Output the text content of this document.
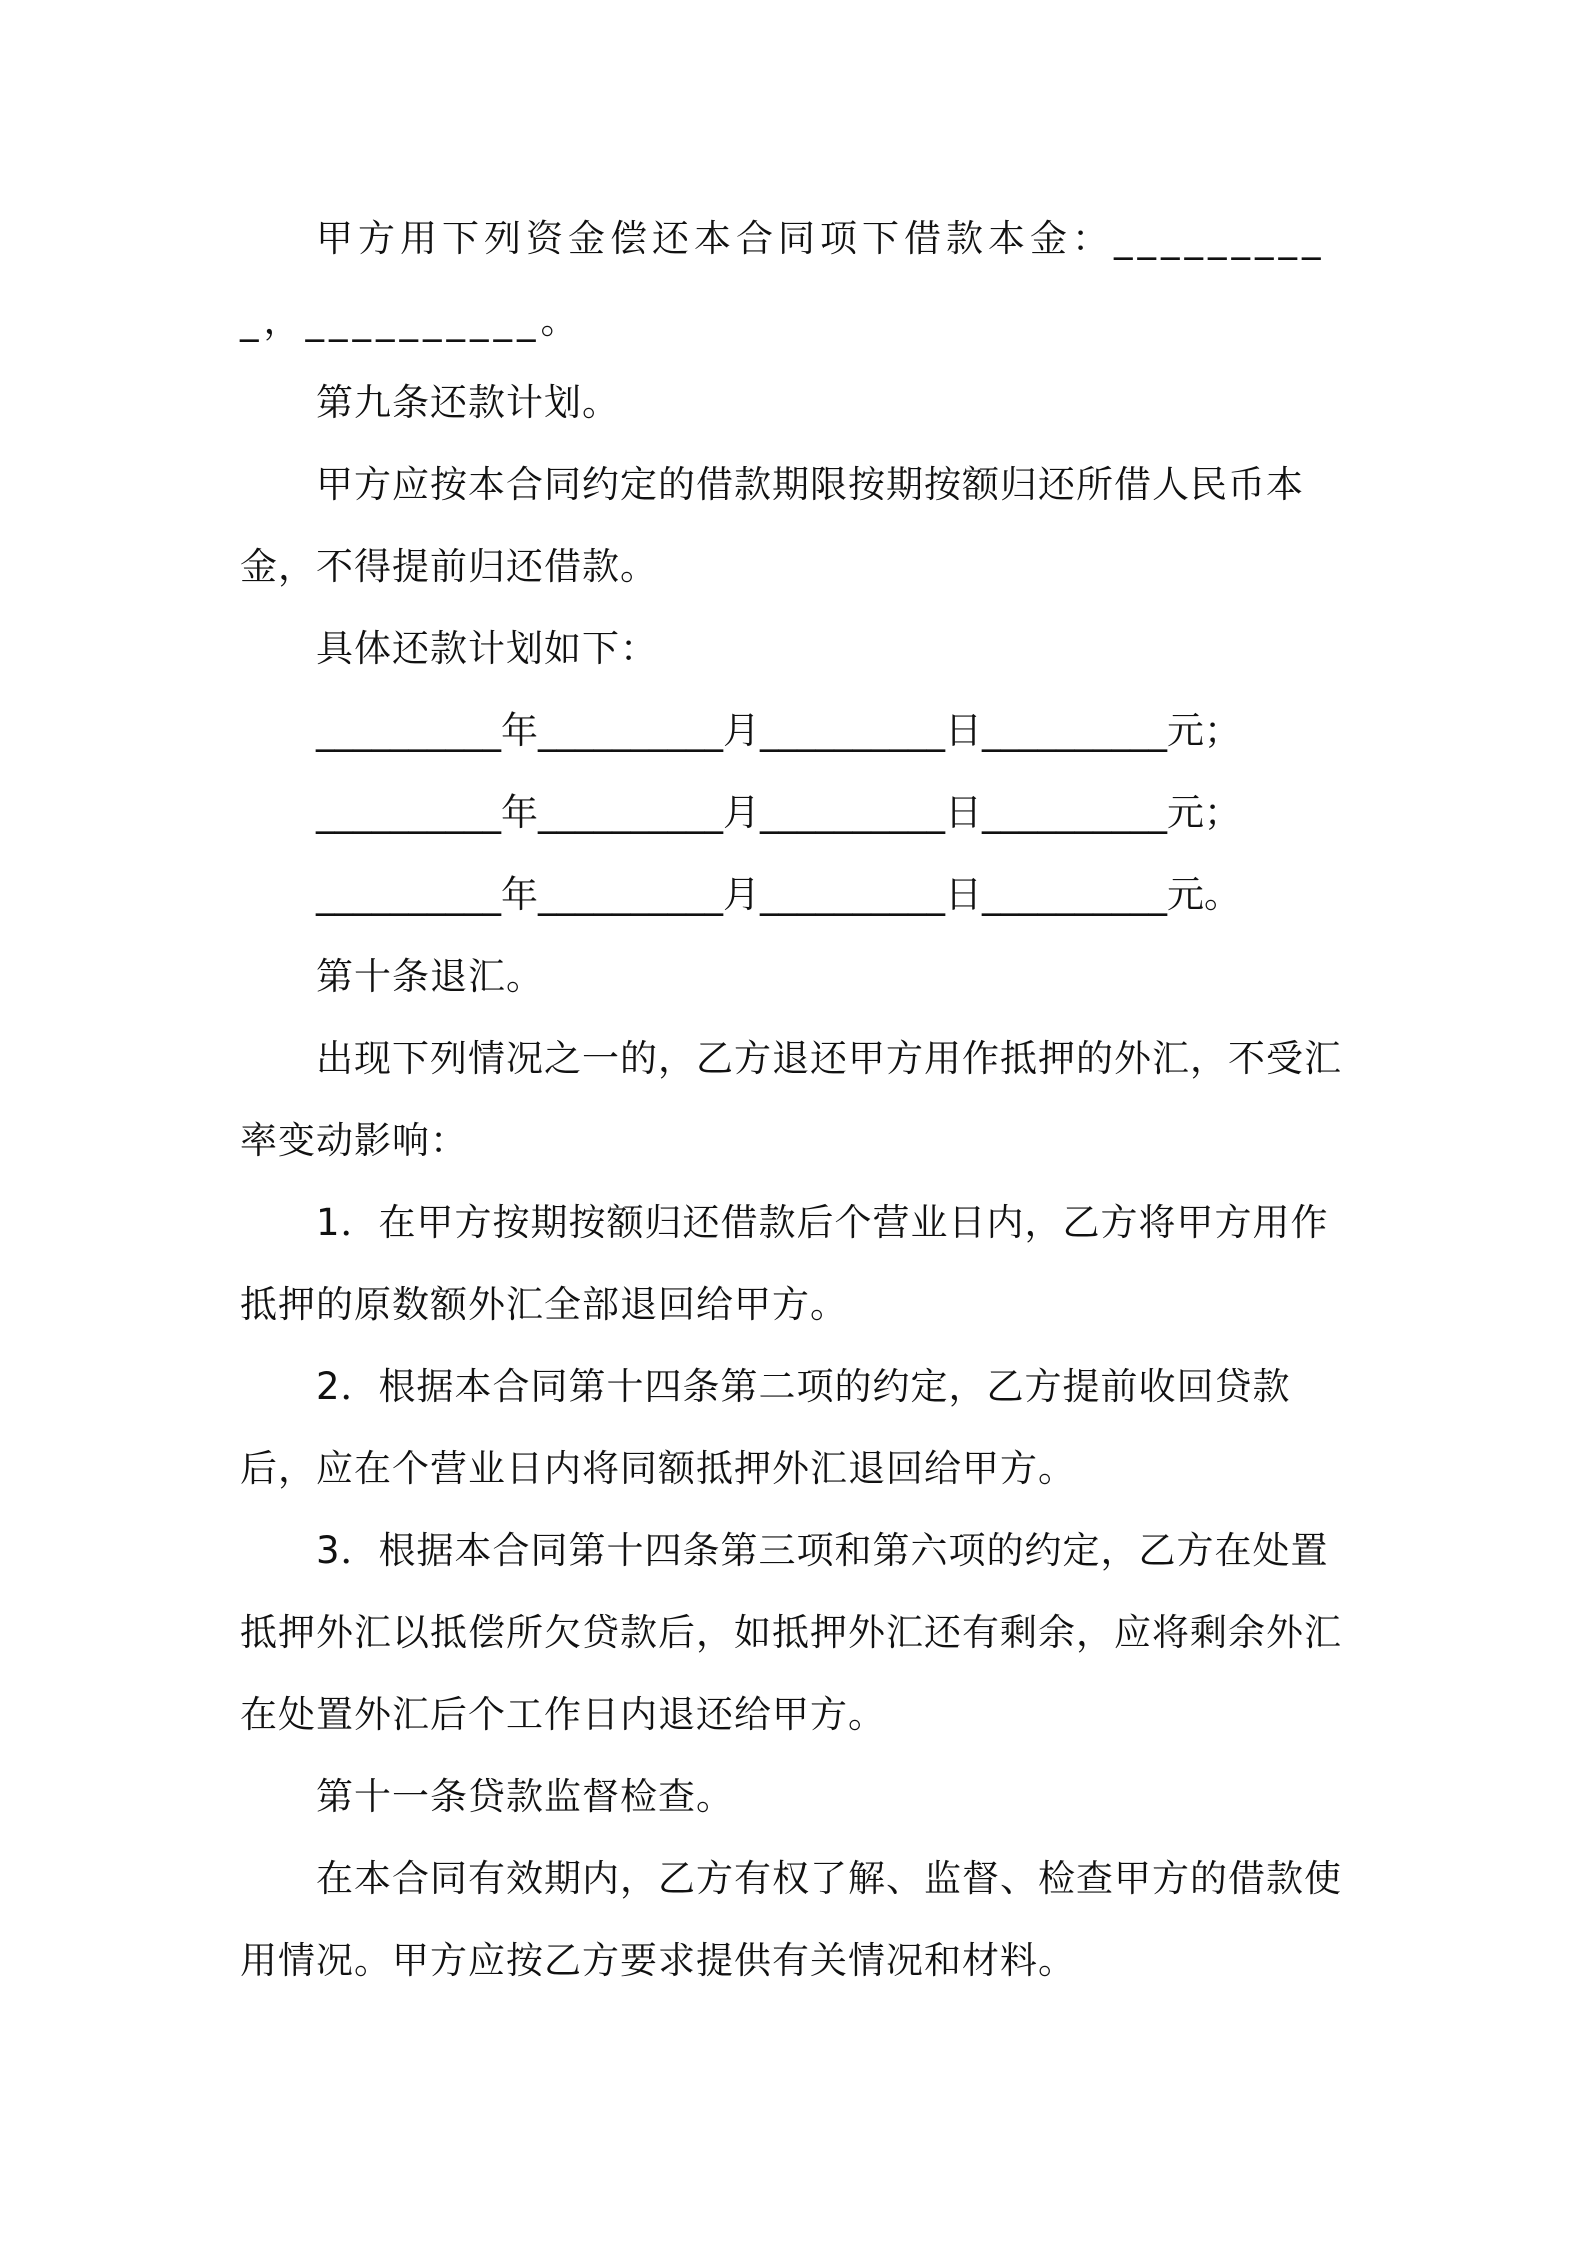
甲方用下列资金偿还本合同项下借款本金：__________，__________。

第九条还款计划。

甲方应按本合同约定的借款期限按期按额归还所借人民币本金，不得提前归还借款。

具体还款计划如下：

__________年__________月__________日__________元；

__________年__________月__________日__________元；

__________年__________月__________日__________元。

第十条退汇。

出现下列情况之一的，乙方退还甲方用作抵押的外汇，不受汇率变动影响：

1．在甲方按期按额归还借款后个营业日内，乙方将甲方用作抵押的原数额外汇全部退回给甲方。

2．根据本合同第十四条第二项的约定，乙方提前收回贷款后，应在个营业日内将同额抵押外汇退回给甲方。

3．根据本合同第十四条第三项和第六项的约定，乙方在处置抵押外汇以抵偿所欠贷款后，如抵押外汇还有剩余，应将剩余外汇在处置外汇后个工作日内退还给甲方。

第十一条贷款监督检查。

在本合同有效期内，乙方有权了解、监督、检查甲方的借款使用情况。甲方应按乙方要求提供有关情况和材料。
